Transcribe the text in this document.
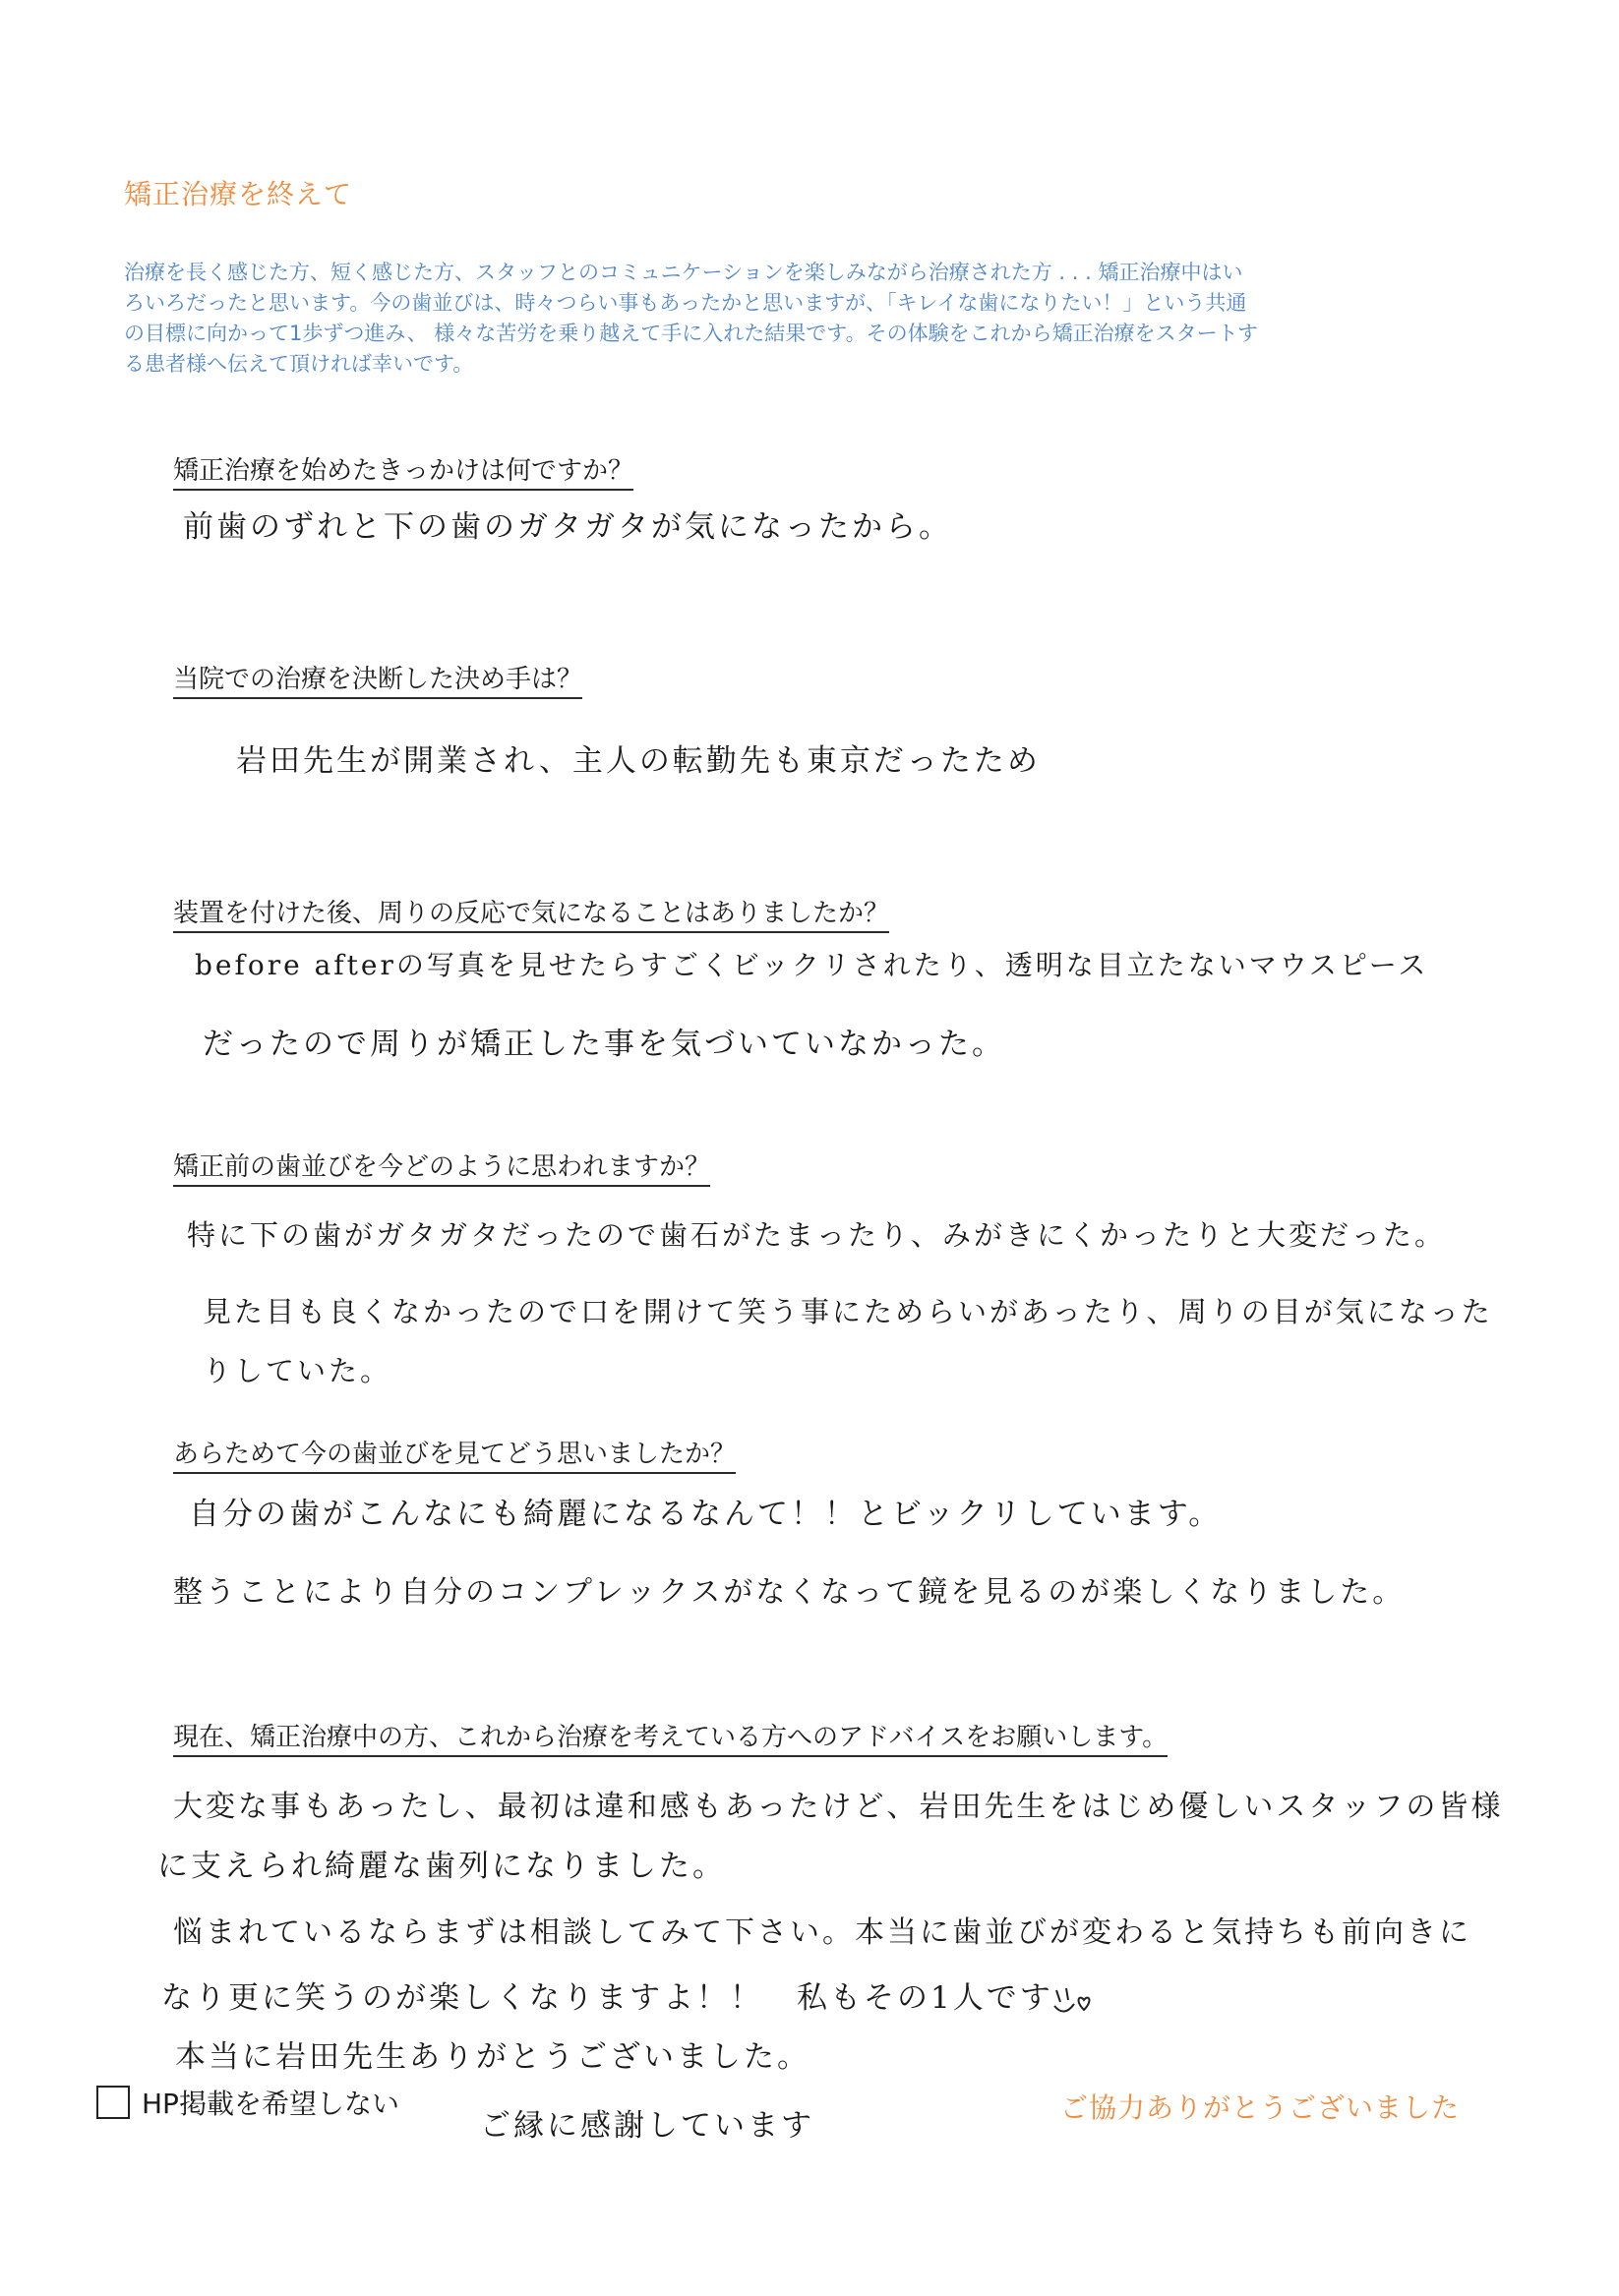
矯正治療を終えて
治療を長く感じた方、短く感じた方、スタッフとのコミュニケーションを楽しみながら治療された方 . . . 矯正治療中はい
ろいろだったと思います。今の歯並びは、時々つらい事もあったかと思いますが、「キレイな歯になりたい！」という共通
の目標に向かって1歩ずつ進み、 様々な苦労を乗り越えて手に入れた結果です。その体験をこれから矯正治療をスタートす
る患者様へ伝えて頂ければ幸いです。
矯正治療を始めたきっかけは何ですか？
前歯のずれと下の歯のガタガタが気になったから。
当院での治療を決断した決め手は？
岩田先生が開業され、主人の転勤先も東京だったため
装置を付けた後、周りの反応で気になることはありましたか？
before afterの写真を見せたらすごくビックリされたり、透明な目立たないマウスピース
だったので周りが矯正した事を気づいていなかった。
矯正前の歯並びを今どのように思われますか？
特に下の歯がガタガタだったので歯石がたまったり、みがきにくかったりと大変だった。
見た目も良くなかったので口を開けて笑う事にためらいがあったり、周りの目が気になった
りしていた。
あらためて今の歯並びを見てどう思いましたか？
自分の歯がこんなにも綺麗になるなんて！！とビックリしています。
整うことにより自分のコンプレックスがなくなって鏡を見るのが楽しくなりました。
現在、矯正治療中の方、これから治療を考えている方へのアドバイスをお願いします。
大変な事もあったし、最初は違和感もあったけど、岩田先生をはじめ優しいスタッフの皆様
に支えられ綺麗な歯列になりました。
悩まれているならまずは相談してみて下さい。本当に歯並びが変わると気持ちも前向きに
なり更に笑うのが楽しくなりますよ！！　私もその1人です
本当に岩田先生ありがとうございました。
ご縁に感謝しています
HP掲載を希望しない	ご協力ありがとうございました
